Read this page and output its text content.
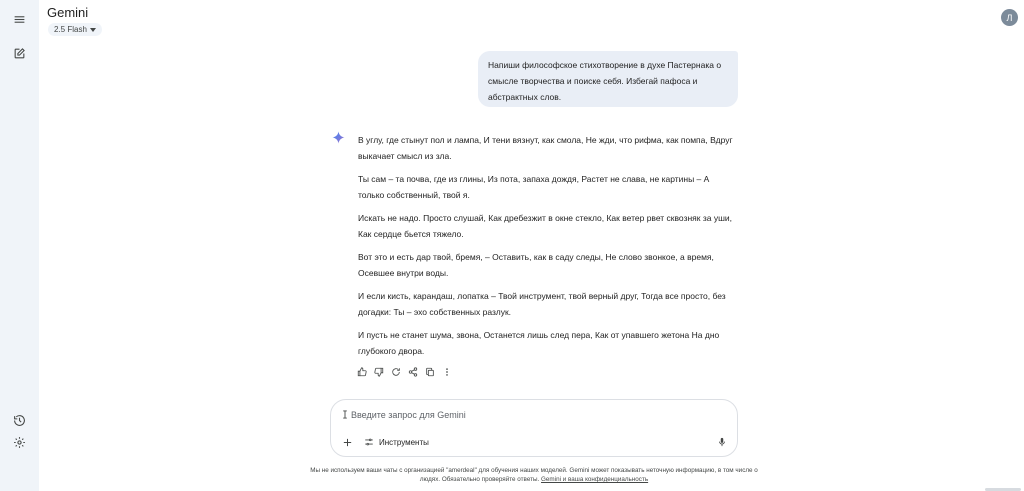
Gemini
2.5 Flash
Л
Напиши философское стихотворение в духе Пастернака о смысле творчества и поиске себя. Избегай пафоса и абстрактных слов.

В углу, где стынут пол и лампа, И тени вязнут, как смола, Не жди, что рифма, как помпа, Вдруг выкачает смысл из зла.

Ты сам – та почва, где из глины, Из пота, запаха дождя, Растет не слава, не картины – А только собственный, твой я.

Искать не надо. Просто слушай, Как дребезжит в окне стекло, Как ветер рвет сквозняк за уши, Как сердце бьется тяжело.

Вот это и есть дар твой, бремя, – Оставить, как в саду следы, Не слово звонкое, а время, Осевшее внутри воды.

И если кисть, карандаш, лопатка – Твой инструмент, твой верный друг, Тогда все просто, без догадки: Ты – эхо собственных разлук.

И пусть не станет шума, звона, Останется лишь след пера, Как от упавшего жетона На дно глубокого двора.

Введите запрос для Gemini
Инструменты
Мы не используем ваши чаты с организацией "amerdeal" для обучения наших моделей. Gemini может показывать неточную информацию, в том числе о людях. Обязательно проверяйте ответы. Gemini и ваша конфиденциальность
